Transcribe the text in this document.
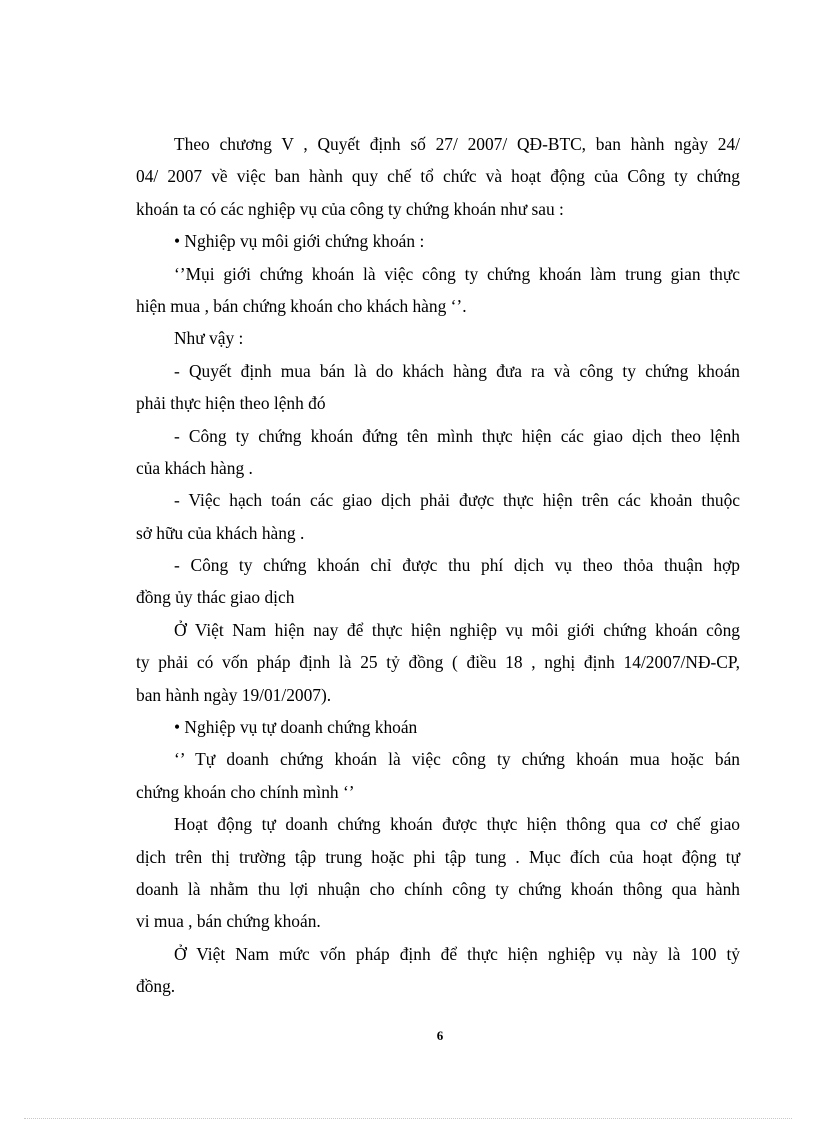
Theo chương V , Quyết định số 27/ 2007/ QĐ-BTC, ban hành ngày 24/
04/ 2007 về việc ban hành quy chế tổ chức và hoạt động của Công ty chứng
khoán ta có các nghiệp vụ của công ty chứng khoán như sau :
• Nghiệp vụ môi giới chứng khoán :
‘’Mụi giới chứng khoán là việc công ty chứng khoán làm trung gian thực
hiện mua , bán chứng khoán cho khách hàng ‘’.
Như vậy :
- Quyết định mua bán là do khách hàng đưa ra và công ty chứng khoán
phải thực hiện theo lệnh đó
- Công ty chứng khoán đứng tên mình thực hiện các giao dịch theo lệnh
của khách hàng .
- Việc hạch toán các giao dịch phải được thực hiện trên các khoản thuộc
sở hữu của khách hàng .
- Công ty chứng khoán chỉ được thu phí dịch vụ theo thỏa thuận hợp
đồng ủy thác giao dịch
Ở Việt Nam hiện nay để thực hiện nghiệp vụ môi giới chứng khoán công
ty phải có vốn pháp định là 25 tỷ đồng ( điều 18 , nghị định 14/2007/NĐ-CP,
ban hành ngày 19/01/2007).
• Nghiệp vụ tự doanh chứng khoán
‘’ Tự doanh chứng khoán là việc công ty chứng khoán mua hoặc bán
chứng khoán cho chính mình ‘’
Hoạt động tự doanh chứng khoán được thực hiện thông qua cơ chế giao
dịch trên thị trường tập trung hoặc phi tập tung . Mục đích của hoạt động tự
doanh là nhằm thu lợi nhuận cho chính công ty chứng khoán thông qua hành
vi mua , bán chứng khoán.
Ở Việt Nam mức vốn pháp định để thực hiện nghiệp vụ này là 100 tỷ
đồng.
6
